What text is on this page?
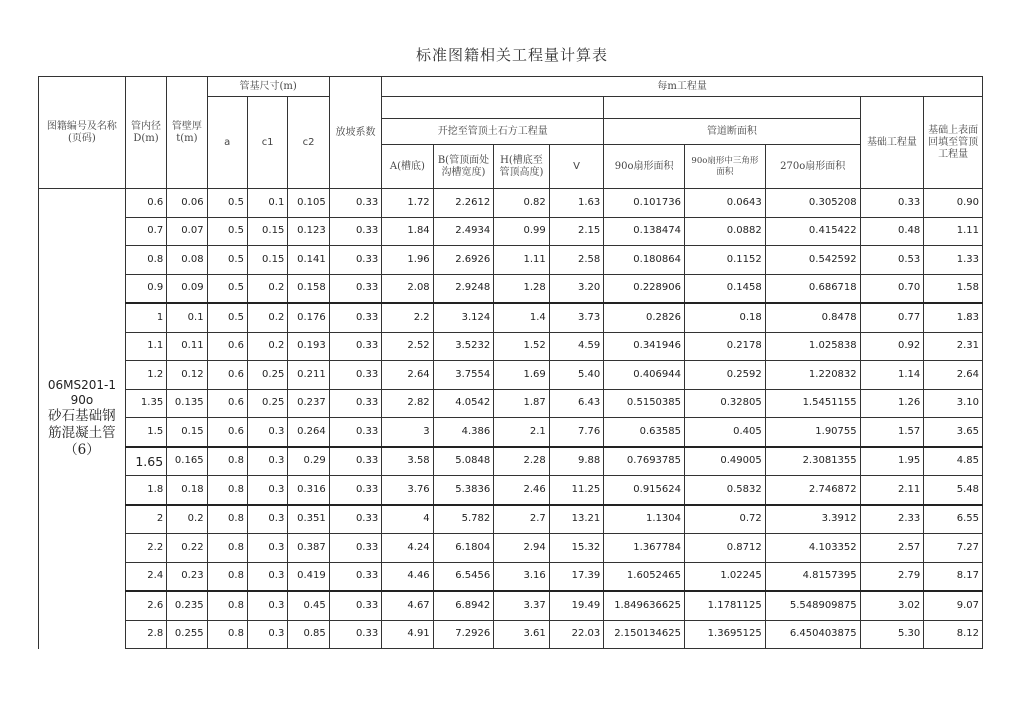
标准图籍相关工程量计算表
图籍编号及名称(页码)	管内径D(m)	管壁厚t(m)	管基尺寸(m)			放坡系数	每m工程量								
			a	c1	c2									基础工程量	基础上表面回填至管顶工程量
							开挖至管顶土石方工程量				管道断面积				
							A(槽底)	B(管顶面处沟槽宽度)	H(槽底至管顶高度)	V	90o扇形面积	90o扇形中三角形面积	270o扇形面积		

06MS201-1
90o
砂石基础钢筋混凝土管（6）	0.6	0.06	0.5	0.1	0.105	0.33	1.72	2.2612	0.82	1.63	0.101736	0.0643	0.305208	0.33	0.90
	0.7	0.07	0.5	0.15	0.123	0.33	1.84	2.4934	0.99	2.15	0.138474	0.0882	0.415422	0.48	1.11
	0.8	0.08	0.5	0.15	0.141	0.33	1.96	2.6926	1.11	2.58	0.180864	0.1152	0.542592	0.53	1.33
	0.9	0.09	0.5	0.2	0.158	0.33	2.08	2.9248	1.28	3.20	0.228906	0.1458	0.686718	0.70	1.58
	1	0.1	0.5	0.2	0.176	0.33	2.2	3.124	1.4	3.73	0.2826	0.18	0.8478	0.77	1.83
	1.1	0.11	0.6	0.2	0.193	0.33	2.52	3.5232	1.52	4.59	0.341946	0.2178	1.025838	0.92	2.31
	1.2	0.12	0.6	0.25	0.211	0.33	2.64	3.7554	1.69	5.40	0.406944	0.2592	1.220832	1.14	2.64
	1.35	0.135	0.6	0.25	0.237	0.33	2.82	4.0542	1.87	6.43	0.5150385	0.32805	1.5451155	1.26	3.10
	1.5	0.15	0.6	0.3	0.264	0.33	3	4.386	2.1	7.76	0.63585	0.405	1.90755	1.57	3.65
	1.65	0.165	0.8	0.3	0.29	0.33	3.58	5.0848	2.28	9.88	0.7693785	0.49005	2.3081355	1.95	4.85
	1.8	0.18	0.8	0.3	0.316	0.33	3.76	5.3836	2.46	11.25	0.915624	0.5832	2.746872	2.11	5.48
	2	0.2	0.8	0.3	0.351	0.33	4	5.782	2.7	13.21	1.1304	0.72	3.3912	2.33	6.55
	2.2	0.22	0.8	0.3	0.387	0.33	4.24	6.1804	2.94	15.32	1.367784	0.8712	4.103352	2.57	7.27
	2.4	0.23	0.8	0.3	0.419	0.33	4.46	6.5456	3.16	17.39	1.6052465	1.02245	4.8157395	2.79	8.17
	2.6	0.235	0.8	0.3	0.45	0.33	4.67	6.8942	3.37	19.49	1.849636625	1.1781125	5.548909875	3.02	9.07
	2.8	0.255	0.8	0.3	0.85	0.33	4.91	7.2926	3.61	22.03	2.150134625	1.3695125	6.450403875	5.30	8.12
